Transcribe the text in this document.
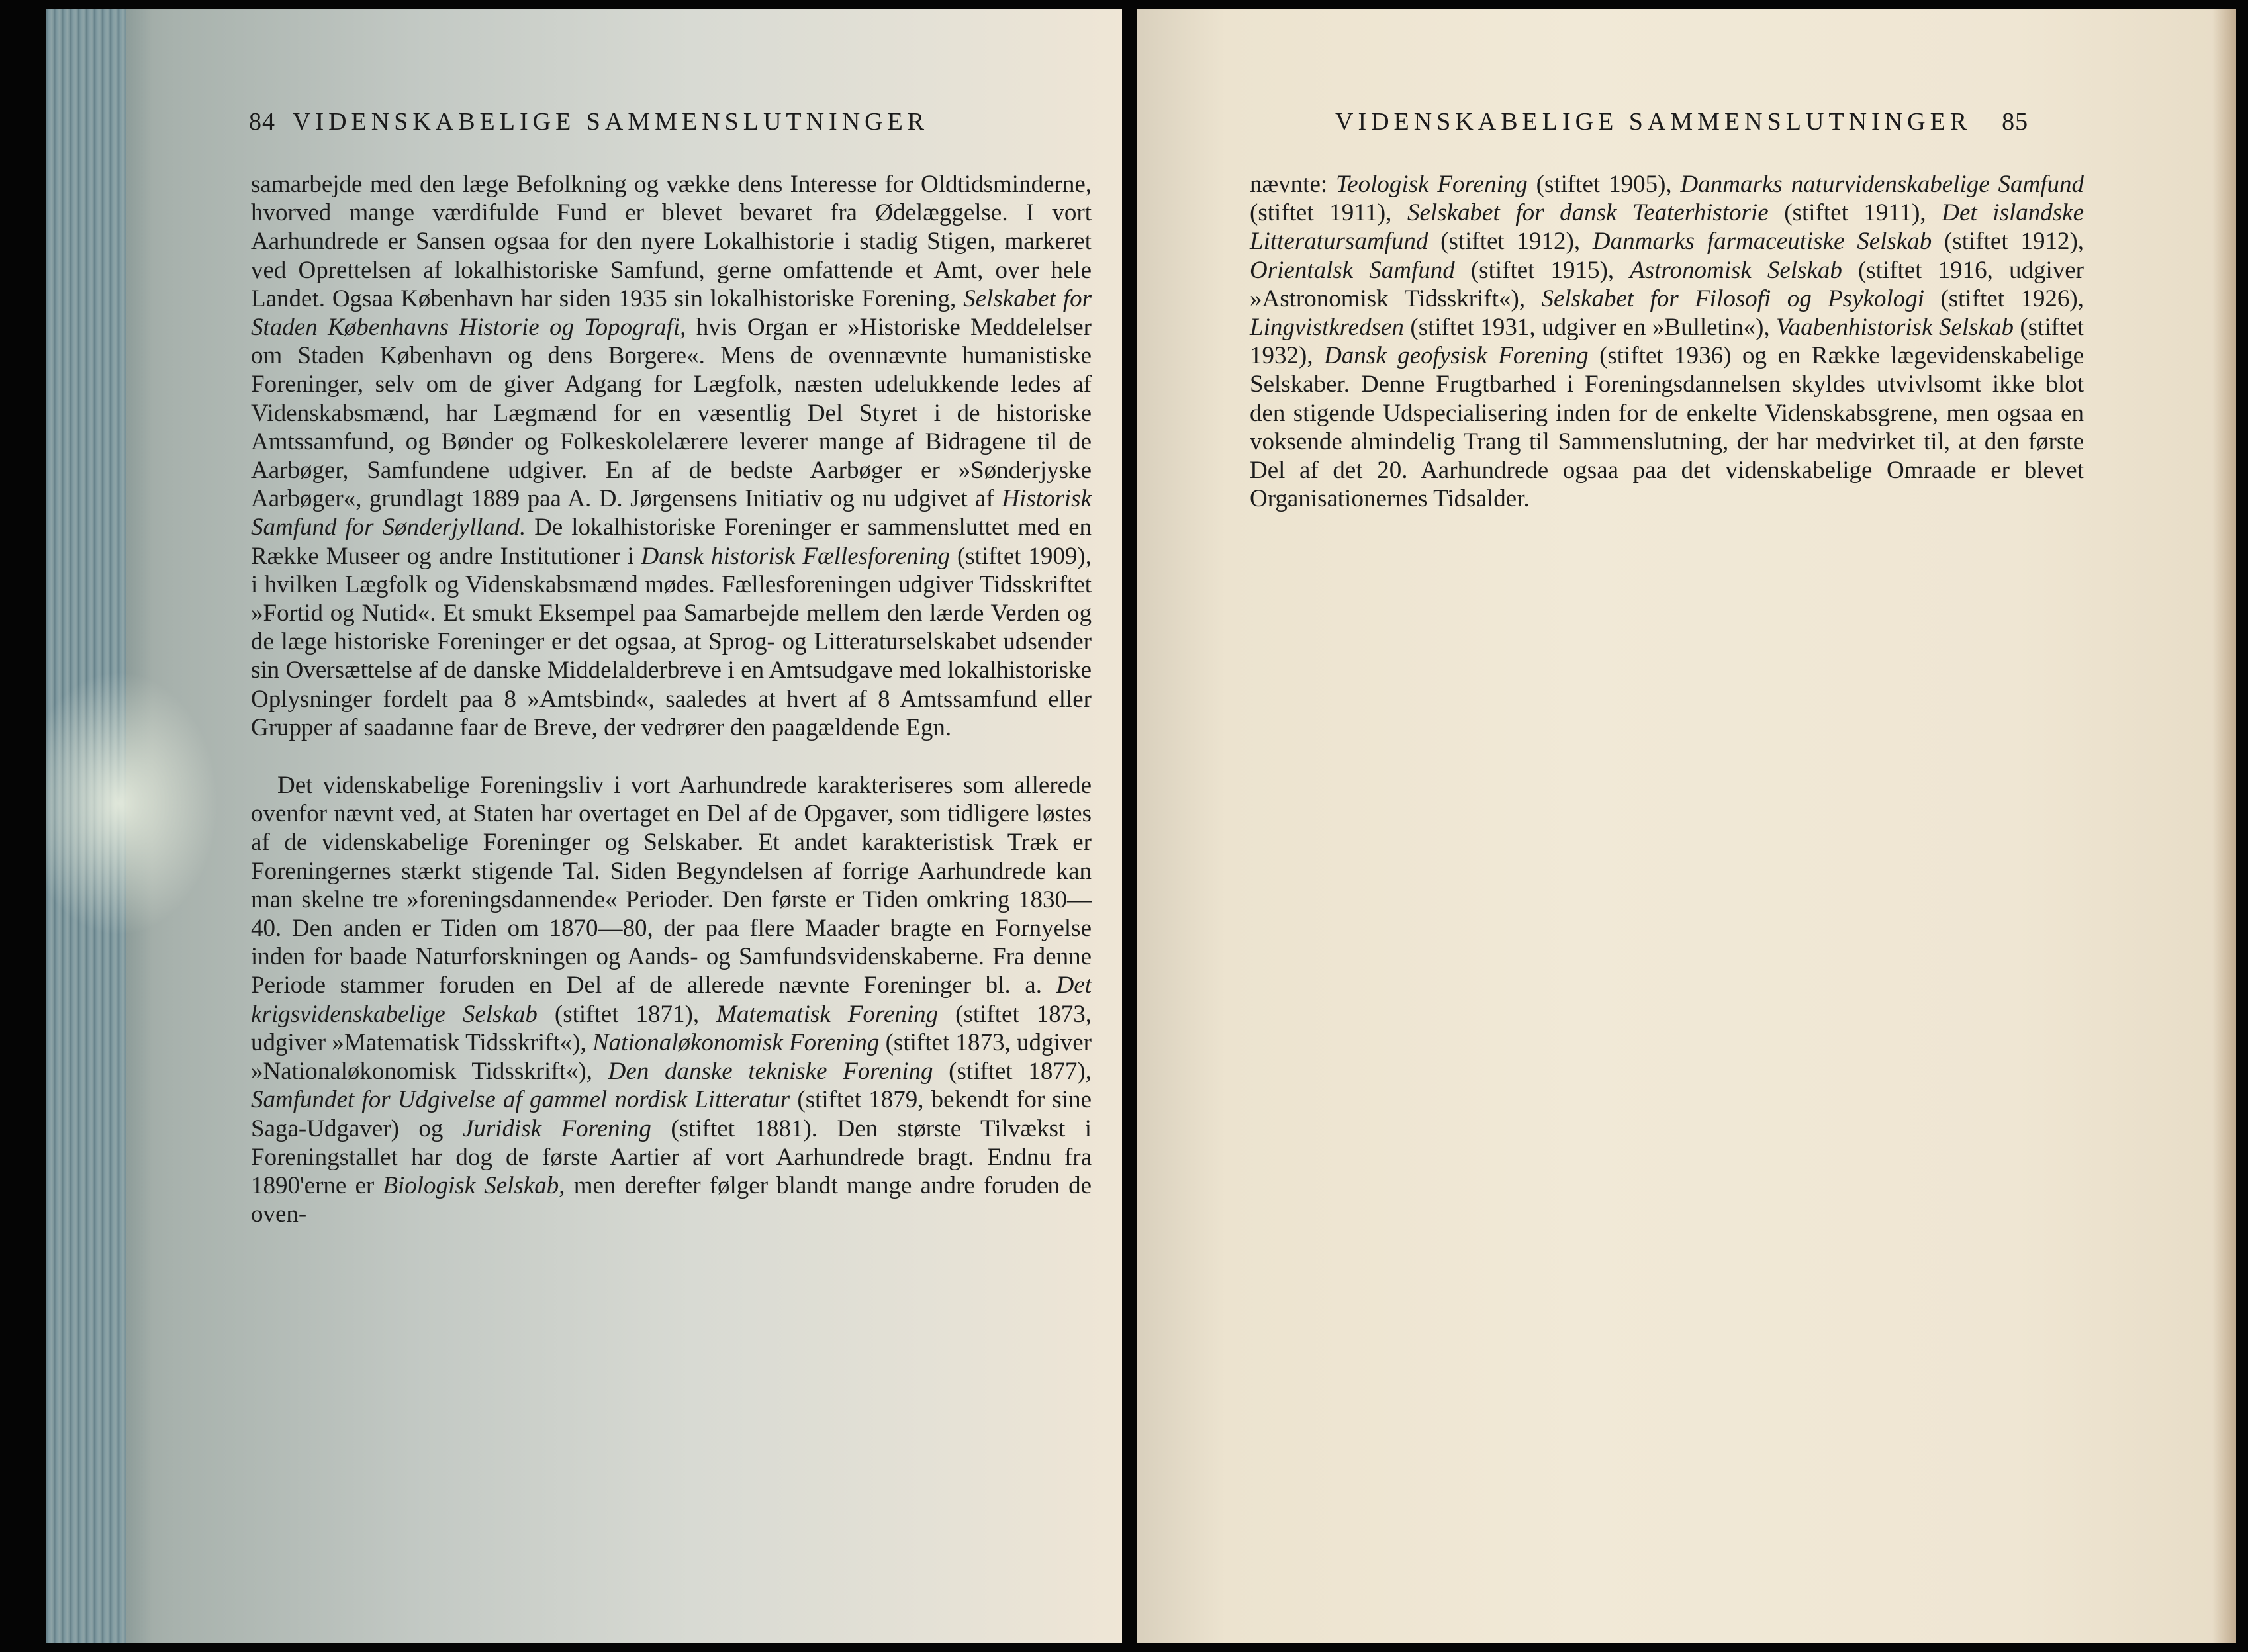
84 VIDENSKABELIGE SAMMENSLUTNINGER

samarbejde med den læge Befolkning og vække dens Interesse for Oldtidsminderne, hvorved mange værdifulde Fund er blevet bevaret fra Ødelæggelse. I vort Aarhundrede er Sansen ogsaa for den nyere Lokalhistorie i stadig Stigen, markeret ved Oprettelsen af lokalhistoriske Samfund, gerne omfattende et Amt, over hele Landet. Ogsaa København har siden 1935 sin lokalhistoriske Forening, Selskabet for Staden Københavns Historie og Topografi, hvis Organ er »Historiske Meddelelser om Staden København og dens Borgere«. Mens de ovennævnte humanistiske Foreninger, selv om de giver Adgang for Lægfolk, næsten udelukkende ledes af Videnskabsmænd, har Lægmænd for en væsentlig Del Styret i de historiske Amtssamfund, og Bønder og Folkeskolelærere leverer mange af Bidragene til de Aarbøger, Samfundene udgiver. En af de bedste Aarbøger er »Sønderjyske Aarbøger«, grundlagt 1889 paa A. D. Jørgensens Initiativ og nu udgivet af Historisk Samfund for Sønderjylland. De lokalhistoriske Foreninger er sammensluttet med en Række Museer og andre Institutioner i Dansk historisk Fællesforening (stiftet 1909), i hvilken Lægfolk og Videnskabsmænd mødes. Fællesforeningen udgiver Tidsskriftet »Fortid og Nutid«. Et smukt Eksempel paa Samarbejde mellem den lærde Verden og de læge historiske Foreninger er det ogsaa, at Sprog- og Litteraturselskabet udsender sin Oversættelse af de danske Middelalderbreve i en Amtsudgave med lokalhistoriske Oplysninger fordelt paa 8 »Amtsbind«, saaledes at hvert af 8 Amtssamfund eller Grupper af saadanne faar de Breve, der vedrører den paagældende Egn.

Det videnskabelige Foreningsliv i vort Aarhundrede karakteriseres som allerede ovenfor nævnt ved, at Staten har overtaget en Del af de Opgaver, som tidligere løstes af de videnskabelige Foreninger og Selskaber. Et andet karakteristisk Træk er Foreningernes stærkt stigende Tal. Siden Begyndelsen af forrige Aarhundrede kan man skelne tre »foreningsdannende« Perioder. Den første er Tiden omkring 1830—40. Den anden er Tiden om 1870—80, der paa flere Maader bragte en Fornyelse inden for baade Naturforskningen og Aands- og Samfundsvidenskaberne. Fra denne Periode stammer foruden en Del af de allerede nævnte Foreninger bl. a. Det krigsvidenskabelige Selskab (stiftet 1871), Matematisk Forening (stiftet 1873, udgiver »Matematisk Tidsskrift«), Nationaløkonomisk Forening (stiftet 1873, udgiver »Nationaløkonomisk Tidsskrift«), Den danske tekniske Forening (stiftet 1877), Samfundet for Udgivelse af gammel nordisk Litteratur (stiftet 1879, bekendt for sine Saga-Udgaver) og Juridisk Forening (stiftet 1881). Den største Tilvækst i Foreningstallet har dog de første Aartier af vort Aarhundrede bragt. Endnu fra 1890'erne er Biologisk Selskab, men derefter følger blandt mange andre foruden de oven-

VIDENSKABELIGE SAMMENSLUTNINGER 85

nævnte: Teologisk Forening (stiftet 1905), Danmarks naturvidenskabelige Samfund (stiftet 1911), Selskabet for dansk Teaterhistorie (stiftet 1911), Det islandske Litteratursamfund (stiftet 1912), Danmarks farmaceutiske Selskab (stiftet 1912), Orientalsk Samfund (stiftet 1915), Astronomisk Selskab (stiftet 1916, udgiver »Astronomisk Tidsskrift«), Selskabet for Filosofi og Psykologi (stiftet 1926), Lingvistkredsen (stiftet 1931, udgiver en »Bulletin«), Vaabenhistorisk Selskab (stiftet 1932), Dansk geofysisk Forening (stiftet 1936) og en Række lægevidenskabelige Selskaber. Denne Frugtbarhed i Foreningsdannelsen skyldes utvivlsomt ikke blot den stigende Udspecialisering inden for de enkelte Videnskabsgrene, men ogsaa en voksende almindelig Trang til Sammenslutning, der har medvirket til, at den første Del af det 20. Aarhundrede ogsaa paa det videnskabelige Omraade er blevet Organisationernes Tidsalder.
